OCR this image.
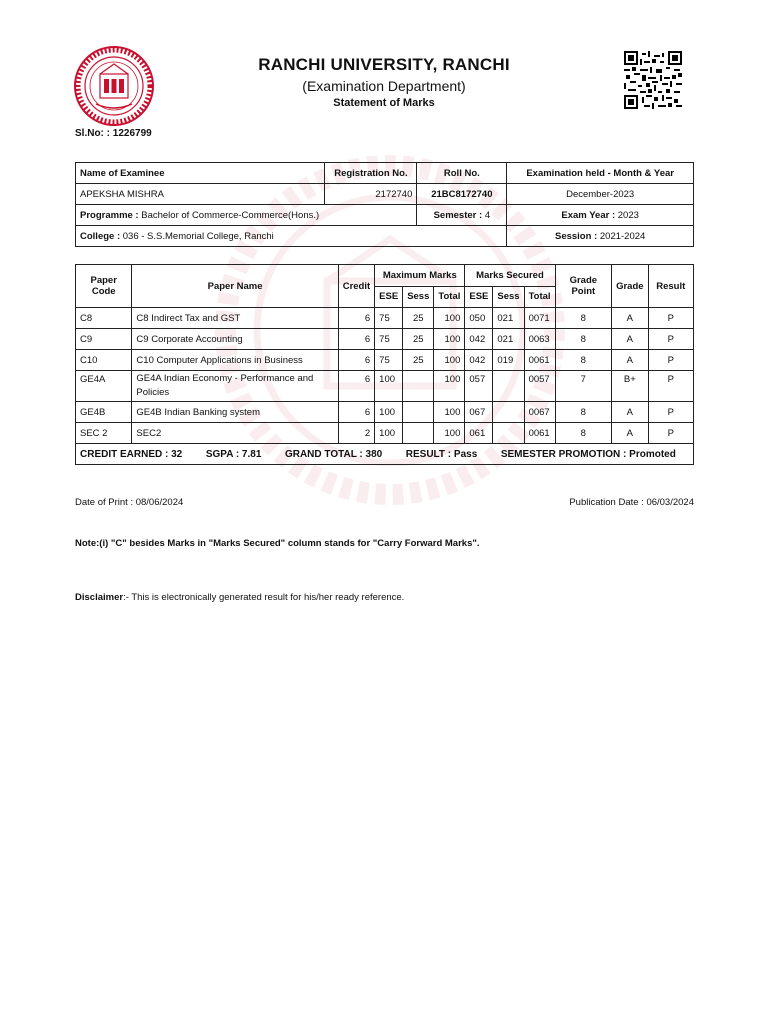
RANCHI UNIVERSITY, RANCHI
(Examination Department)
Statement of Marks
Sl.No: : 1226799
Name of Examinee	Registration No.	Roll No.	Examination held - Month & Year
APEKSHA MISHRA	2172740	21BC8172740	December-2023
Programme : Bachelor of Commerce-Commerce(Hons.)		Semester : 4	Exam Year : 2023
College : 036 - S.S.Memorial College, Ranchi			Session : 2021-2024
Paper Code	Paper Name	Credit	Maximum Marks			Marks Secured			Grade Point	Grade	Result
			ESE	Sess	Total	ESE	Sess	Total			
C8	C8 Indirect Tax and GST	6	75	25	100	050	021	0071	8	A	P
C9	C9 Corporate Accounting	6	75	25	100	042	021	0063	8	A	P
C10	C10 Computer Applications in Business	6	75	25	100	042	019	0061	8	A	P
GE4A	GE4A Indian Economy - Performance and Policies	6	100		100	057		0057	7	B+	P
GE4B	GE4B Indian Banking system	6	100		100	067		0067	8	A	P
SEC 2	SEC2	2	100		100	061		0061	8	A	P
CREDIT EARNED : 32 SGPA : 7.81 GRAND TOTAL : 380 RESULT : Pass SEMESTER PROMOTION : Promoted											
Date of Print : 08/06/2024	Publication Date : 06/03/2024
Note:(i) "C" besides Marks in "Marks Secured" column stands for "Carry Forward Marks".
Disclaimer:- This is electronically generated result for his/her ready reference.
